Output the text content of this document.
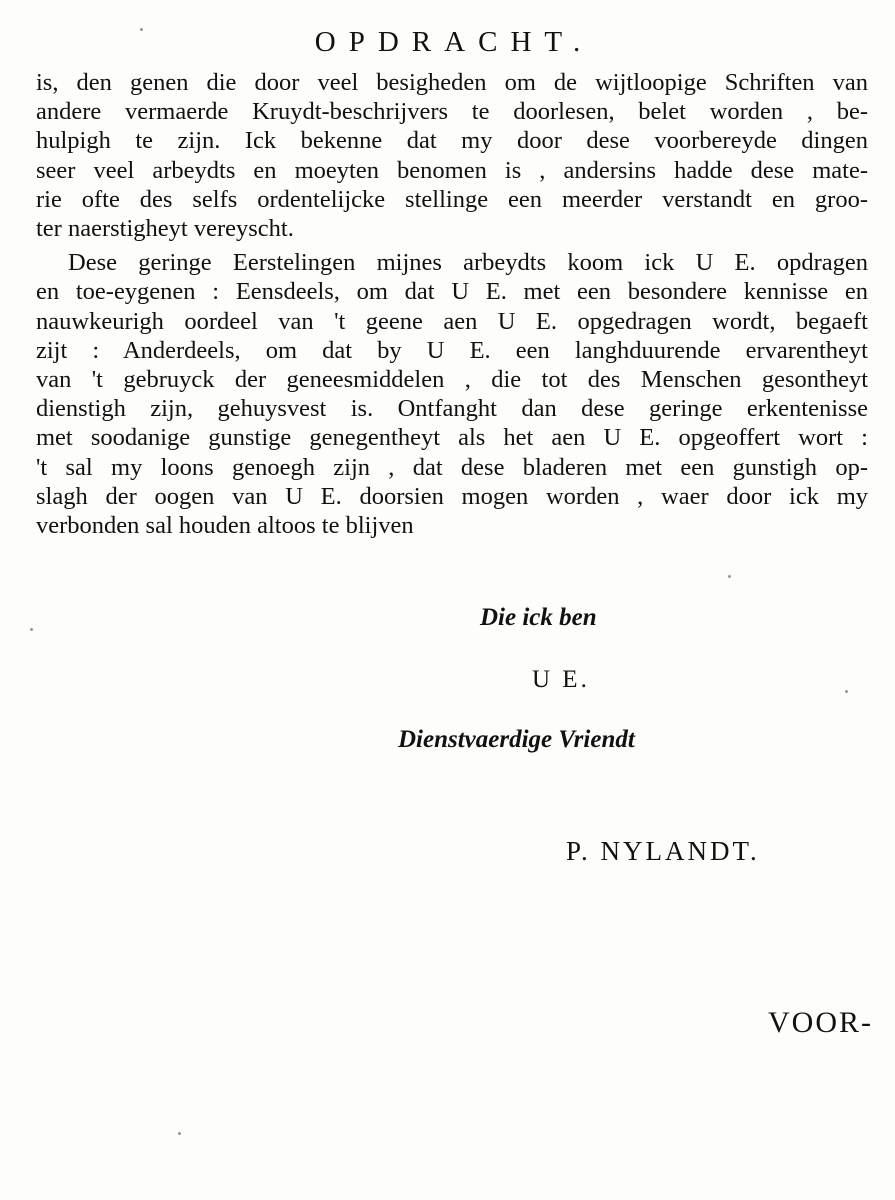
OPDRACHT.
is, den genen die door veel besigheden om de wijtloopige Schriften van
andere vermaerde Kruydt-beschrijvers te doorlesen, belet worden , be-
hulpigh te zijn. Ick bekenne dat my door dese voorbereyde dingen
seer veel arbeydts en moeyten benomen is , andersins hadde dese mate-
rie ofte des selfs ordentelijcke stellinge een meerder verstandt en groo-
ter naerstigheyt vereyscht.
Dese geringe Eerstelingen mijnes arbeydts koom ick U E. opdragen
en toe-eygenen : Eensdeels, om dat U E. met een besondere kennisse en
nauwkeurigh oordeel van 't geene aen U E. opgedragen wordt, begaeft
zijt : Anderdeels, om dat by U E. een langhduurende ervarentheyt
van 't gebruyck der geneesmiddelen , die tot des Menschen gesontheyt
dienstigh zijn, gehuysvest is. Ontfanght dan dese geringe erkentenisse
met soodanige gunstige genegentheyt als het aen U E. opgeoffert wort :
't sal my loons genoegh zijn , dat dese bladeren met een gunstigh op-
slagh der oogen van U E. doorsien mogen worden , waer door ick my
verbonden sal houden altoos te blijven
Die ick ben
U E.
Dienstvaerdige Vriendt
P. NYLANDT.
VOOR-
